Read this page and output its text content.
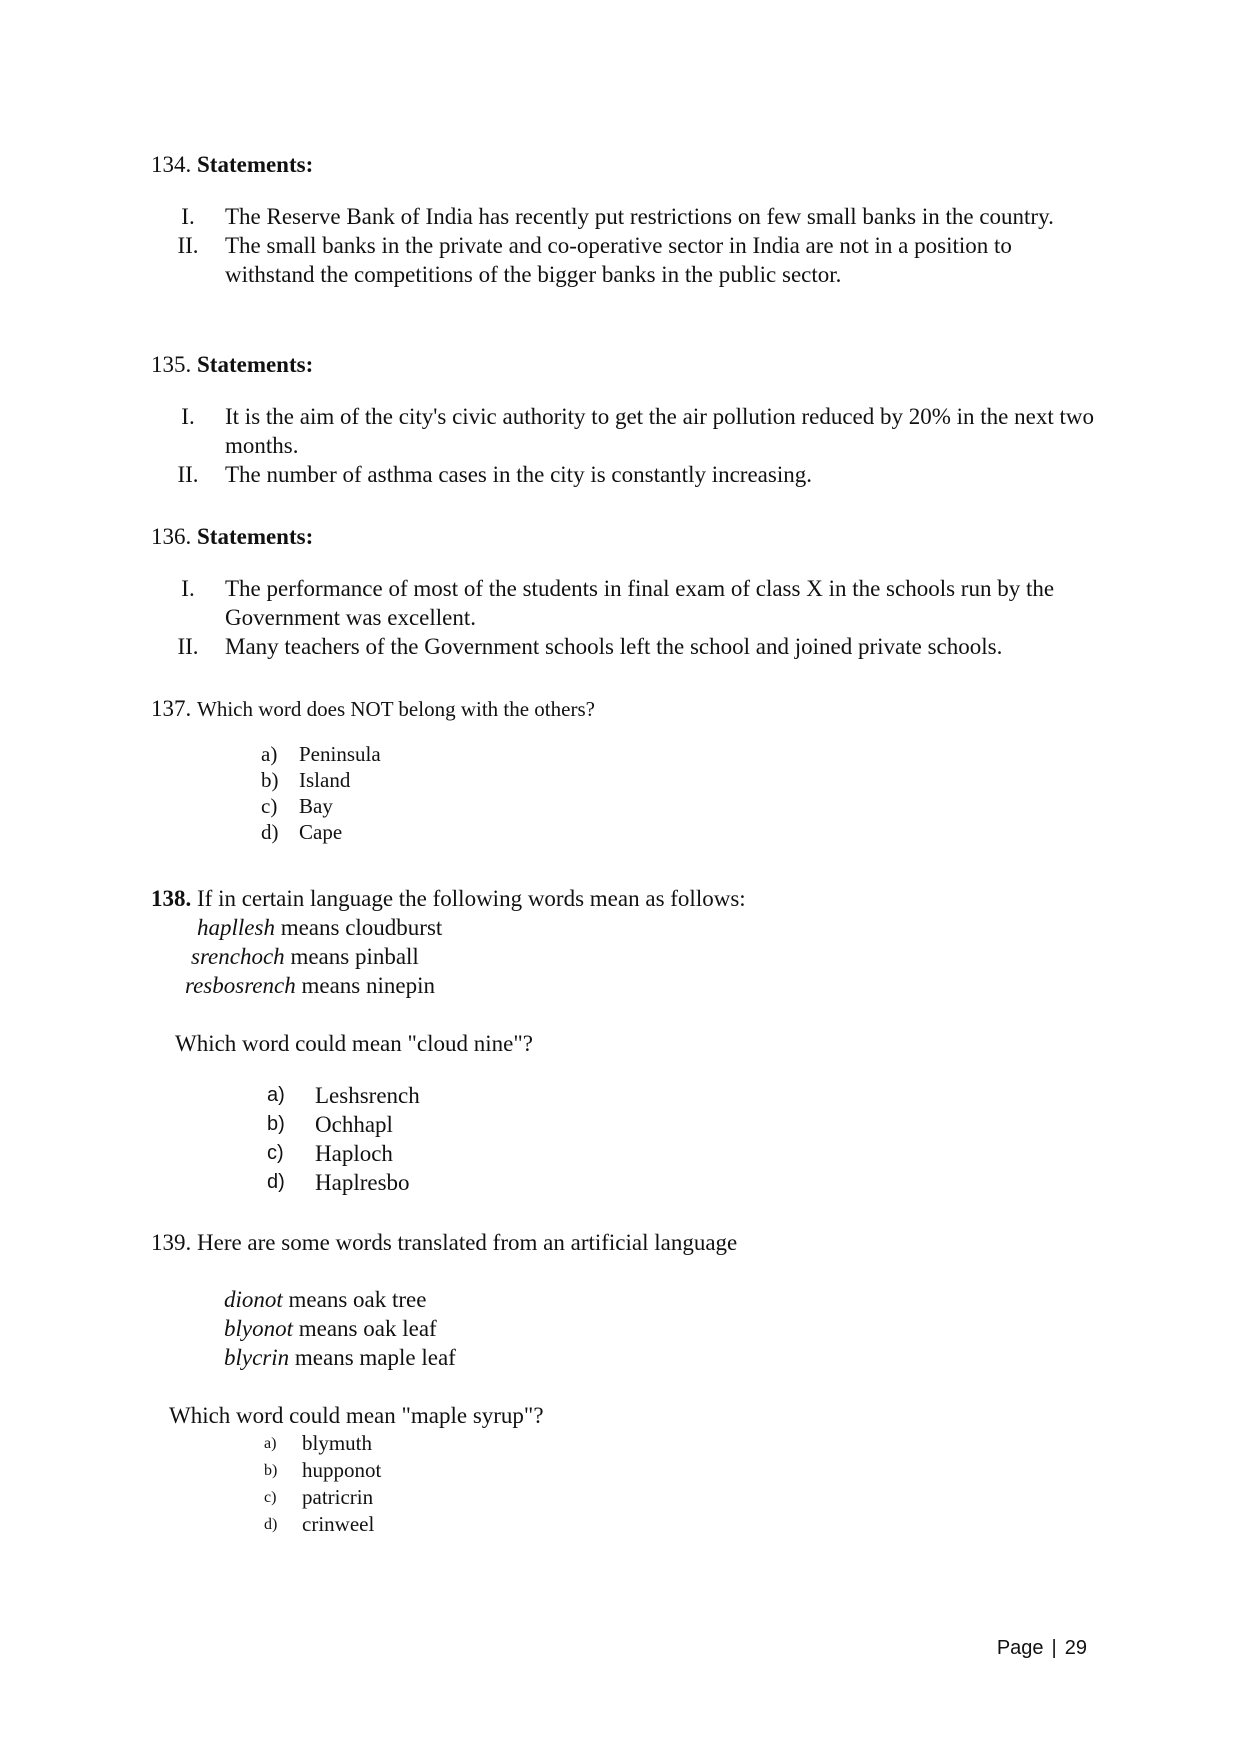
134. Statements:

I.	The Reserve Bank of India has recently put restrictions on few small banks in the country.
II.	The small banks in the private and co-operative sector in India are not in a position to withstand the competitions of the bigger banks in the public sector.

135. Statements:

I.	It is the aim of the city's civic authority to get the air pollution reduced by 20% in the next two months.
II.	The number of asthma cases in the city is constantly increasing.

136. Statements:

I.	The performance of most of the students in final exam of class X in the schools run by the Government was excellent.
II.	Many teachers of the Government schools left the school and joined private schools.

137. Which word does NOT belong with the others?

a)	Peninsula
b) Island
c)	Bay
d) Cape

138. If in certain language the following words mean as follows:

hapllesh means cloudburst

srenchoch means pinball

resbosrench means ninepin

Which word could mean "cloud nine"?

a)	Leshsrench
b)	Ochhapl
c)	Haploch
d)	Haplresbo

139. Here are some words translated from an artificial language

dionot means oak tree

blyonot means oak leaf

blycrin means maple leaf

Which word could mean "maple syrup"?

a)	blymuth
b)	hupponot
c)	patricrin
d)	crinweel
Page | 29
